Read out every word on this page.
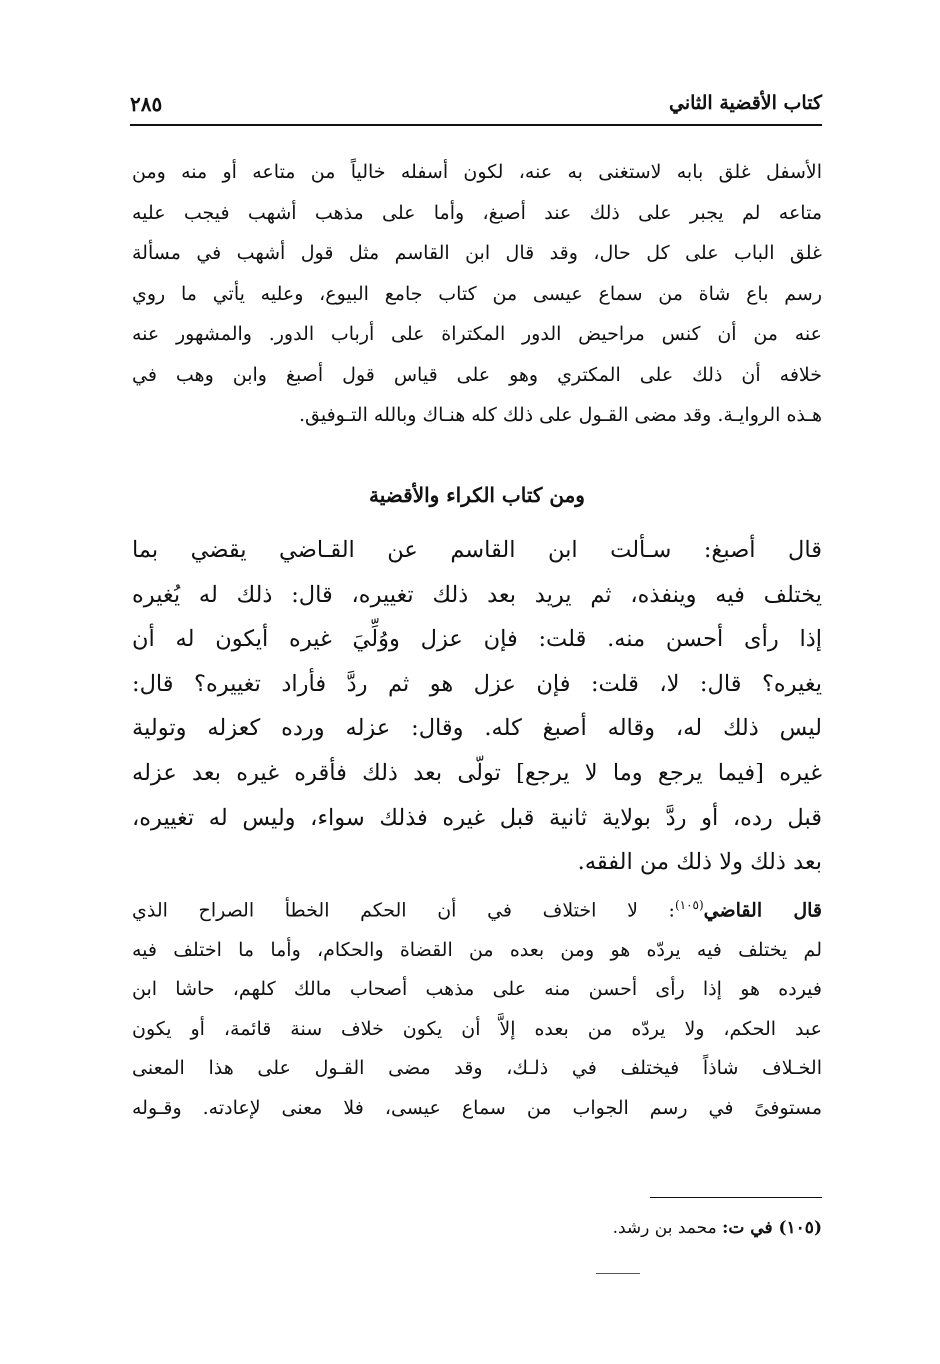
كتاب الأقضية الثاني
٢٨٥
الأسفل غلق بابه لاستغنى به عنه، لكون أسفله خالياً من متاعه أو منه ومن
متاعه لم يجبر على ذلك عند أصبغ، وأما على مذهب أشهب فيجب عليه
غلق الباب على كل حال، وقد قال ابن القاسم مثل قول أشهب في مسألة
رسم باع شاة من سماع عيسى من كتاب جامع البيوع، وعليه يأتي ما روي
عنه من أن كنس مراحيض الدور المكتراة على أرباب الدور. والمشهور عنه
خلافه أن ذلك على المكتري وهو على قياس قول أصبغ وابن وهب في
هـذه الروايـة. وقد مضى القـول على ذلك كله هنـاك وبالله التـوفيق.
ومن كتاب الكراء والأقضية
قال أصبغ: سـألت ابن القاسم عن القـاضي يقضي بما
يختلف فيه وينفذه، ثم يريد بعد ذلك تغييره، قال: ذلك له يُغيره
إذا رأى أحسن منه. قلت: فإن عزل ووُلِّيَ غيره أيكون له أن
يغيره؟ قال: لا، قلت: فإن عزل هو ثم ردَّ فأراد تغييره؟ قال:
ليس ذلك له، وقاله أصبغ كله. وقال: عزله ورده كعزله وتولية
غيره [فيما يرجع وما لا يرجع] تولّى بعد ذلك فأقره غيره بعد عزله
قبل رده، أو ردَّ بولاية ثانية قبل غيره فذلك سواء، وليس له تغييره،
بعد ذلك ولا ذلك من الفقه.
قال القاضي$^{(١٠٥)}$: لا اختلاف في أن الحكم الخطأ الصراح الذي
لم يختلف فيه يردّه هو ومن بعده من القضاة والحكام، وأما ما اختلف فيه
فيرده هو إذا رأى أحسن منه على مذهب أصحاب مالك كلهم، حاشا ابن
عبد الحكم، ولا يردّه من بعده إلاَّ أن يكون خلاف سنة قائمة، أو يكون
الخـلاف شاذاً فيختلف في ذلـك، وقد مضى القـول على هذا المعنى
مستوفىً في رسم الجواب من سماع عيسى، فلا معنى لإعادته. وقـوله
(١٠٥) في ت: محمد بن رشد.
